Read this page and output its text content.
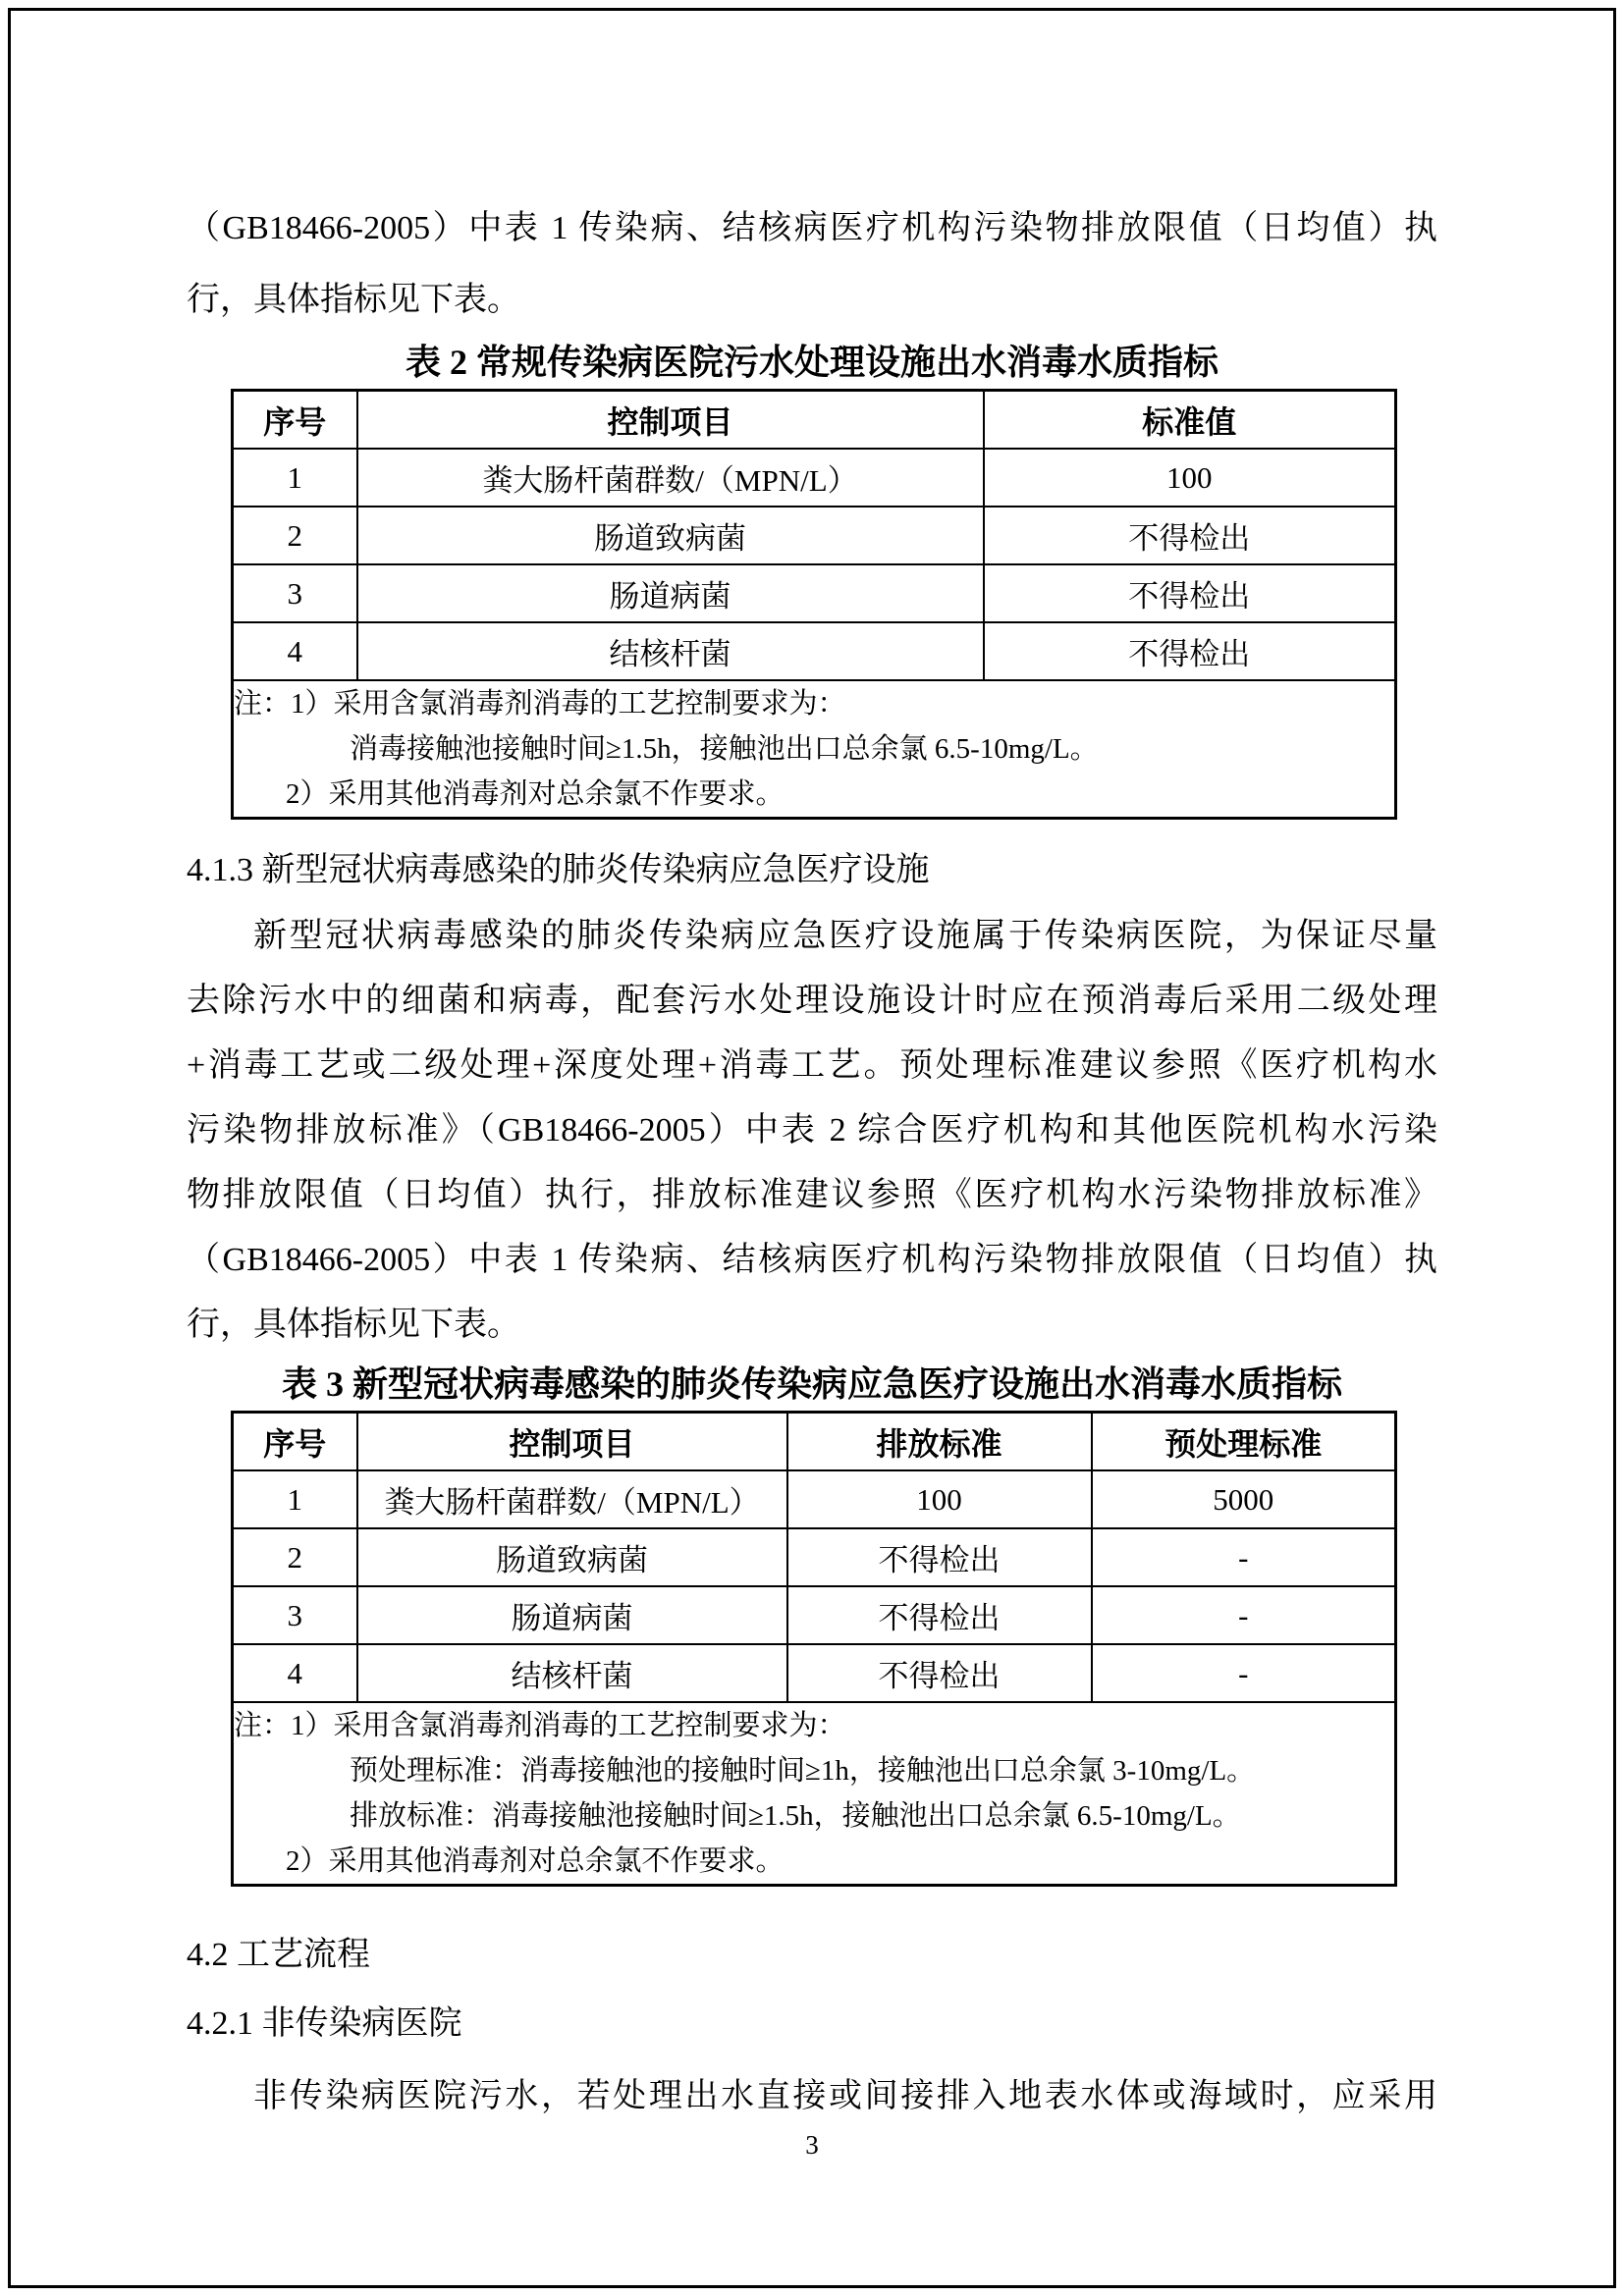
（GB18466-2005）中表 1 传染病、结核病医疗机构污染物排放限值（日均值）执
行，具体指标见下表。
表 2 常规传染病医院污水处理设施出水消毒水质指标
序号	控制项目	标准值
1	粪大肠杆菌群数/（MPN/L）	100
2	肠道致病菌	不得检出
3	肠道病菌	不得检出
4	结核杆菌	不得检出

注：1）采用含氯消毒剂消毒的工艺控制要求为：
消毒接触池接触时间≥1.5h，接触池出口总余氯 6.5-10mg/L。
2）采用其他消毒剂对总余氯不作要求。		
4.1.3 新型冠状病毒感染的肺炎传染病应急医疗设施
新型冠状病毒感染的肺炎传染病应急医疗设施属于传染病医院，为保证尽量
去除污水中的细菌和病毒，配套污水处理设施设计时应在预消毒后采用二级处理
+消毒工艺或二级处理+深度处理+消毒工艺。预处理标准建议参照《医疗机构水
污染物排放标准》（GB18466-2005）中表 2 综合医疗机构和其他医院机构水污染
物排放限值（日均值）执行，排放标准建议参照《医疗机构水污染物排放标准》
（GB18466-2005）中表 1 传染病、结核病医疗机构污染物排放限值（日均值）执
行，具体指标见下表。
表 3 新型冠状病毒感染的肺炎传染病应急医疗设施出水消毒水质指标
序号	控制项目	排放标准	预处理标准
1	粪大肠杆菌群数/（MPN/L）	100	5000
2	肠道致病菌	不得检出	-
3	肠道病菌	不得检出	-
4	结核杆菌	不得检出	-

注：1）采用含氯消毒剂消毒的工艺控制要求为：
预处理标准：消毒接触池的接触时间≥1h，接触池出口总余氯 3-10mg/L。
排放标准：消毒接触池接触时间≥1.5h，接触池出口总余氯 6.5-10mg/L。
2）采用其他消毒剂对总余氯不作要求。			
4.2 工艺流程
4.2.1 非传染病医院
非传染病医院污水，若处理出水直接或间接排入地表水体或海域时，应采用
3
